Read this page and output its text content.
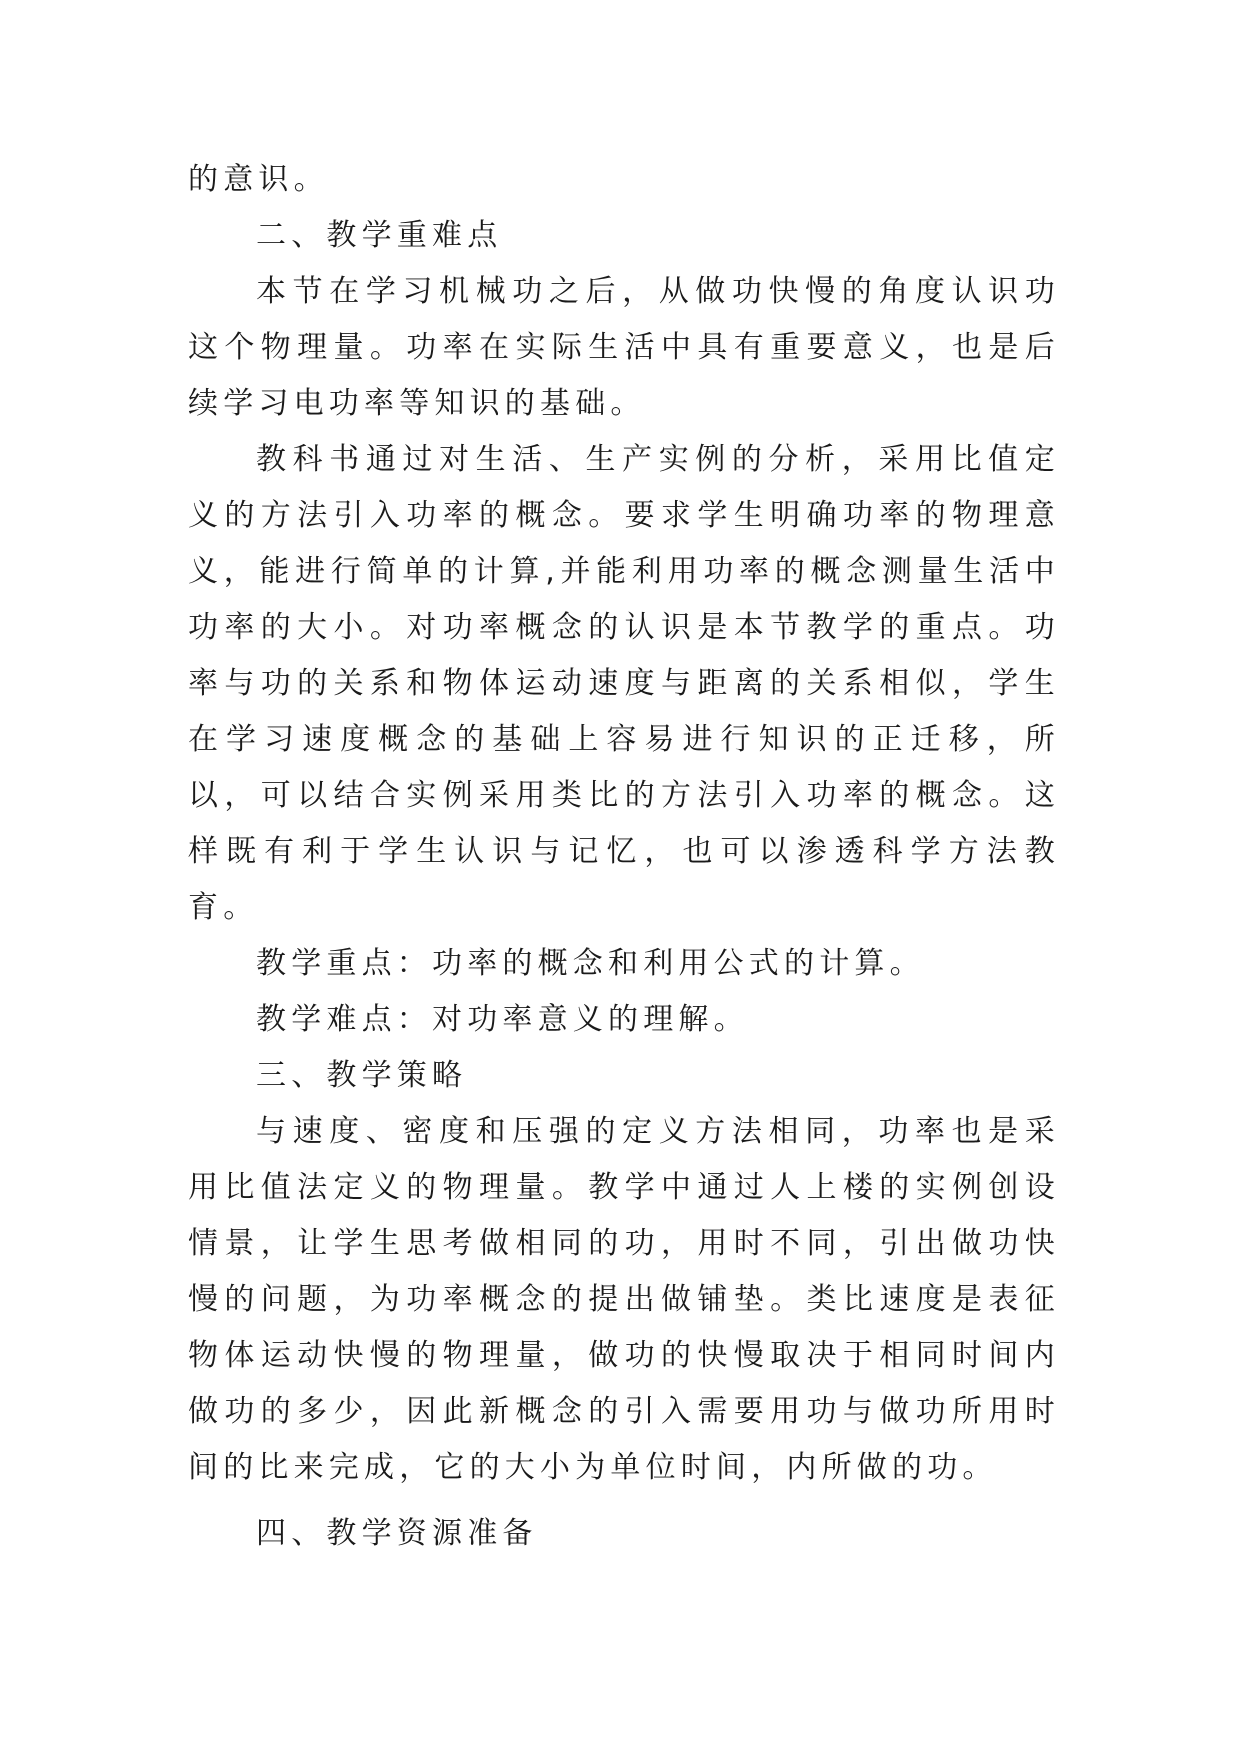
的意识。

二、教学重难点

本节在学习机械功之后，从做功快慢的角度认识功这个物理量。功率在实际生活中具有重要意义，也是后续学习电功率等知识的基础。

教科书通过对生活、生产实例的分析，采用比值定义的方法引入功率的概念。要求学生明确功率的物理意义，能进行简单的计算,并能利用功率的概念测量生活中功率的大小。对功率概念的认识是本节教学的重点。功率与功的关系和物体运动速度与距离的关系相似，学生在学习速度概念的基础上容易进行知识的正迁移，所以，可以结合实例采用类比的方法引入功率的概念。这样既有利于学生认识与记忆，也可以渗透科学方法教育。

教学重点：功率的概念和利用公式的计算。

教学难点：对功率意义的理解。

三、教学策略

与速度、密度和压强的定义方法相同，功率也是采用比值法定义的物理量。教学中通过人上楼的实例创设情景，让学生思考做相同的功，用时不同，引出做功快慢的问题，为功率概念的提出做铺垫。类比速度是表征物体运动快慢的物理量，做功的快慢取决于相同时间内做功的多少，因此新概念的引入需要用功与做功所用时间的比来完成，它的大小为单位时间，内所做的功。

四、教学资源准备
